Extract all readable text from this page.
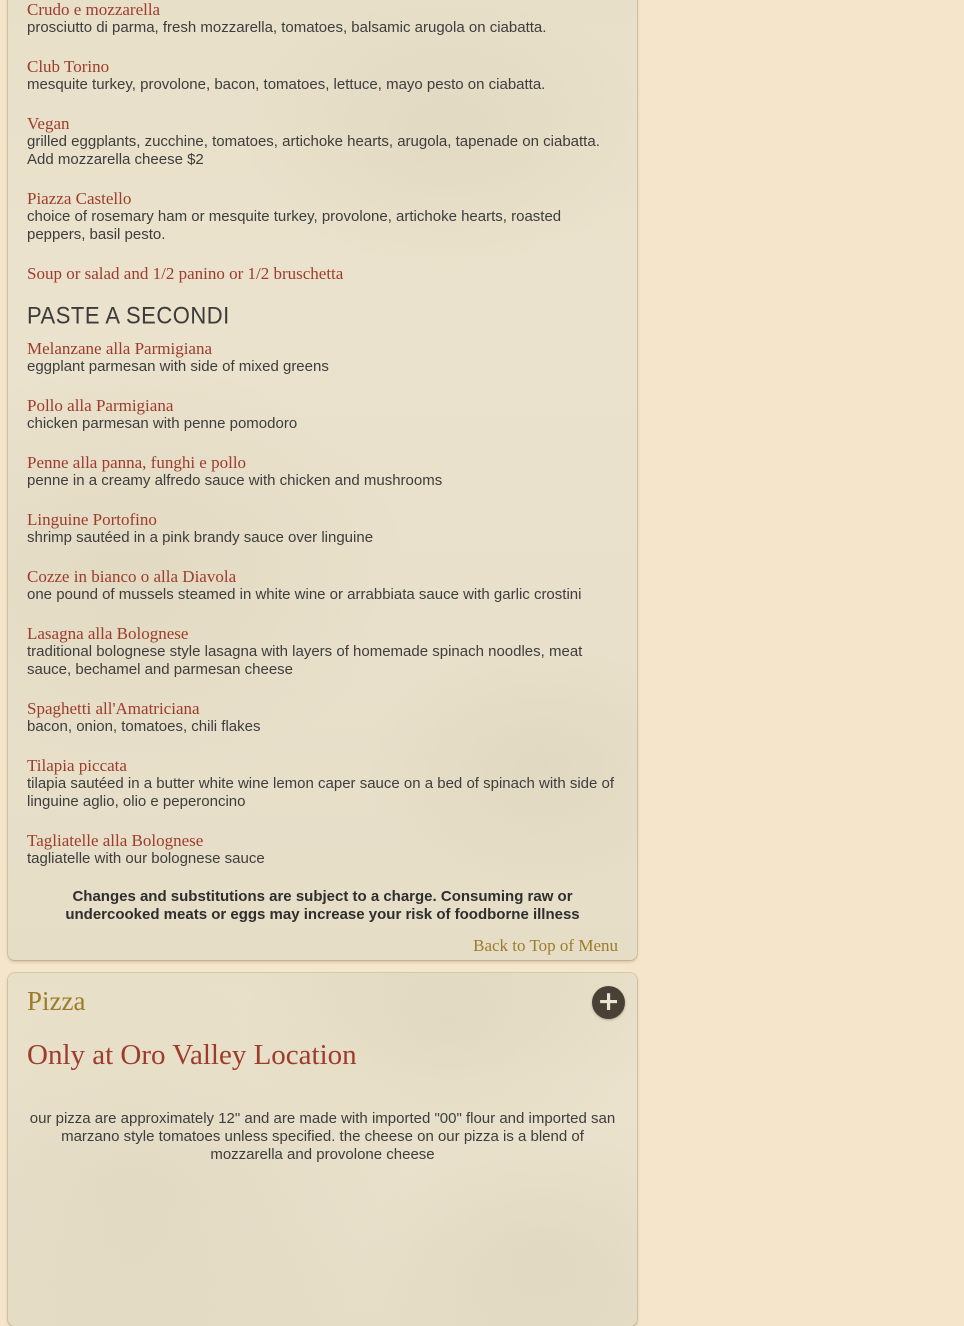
Crudo e mozzarella

prosciutto di parma, fresh mozzarella, tomatoes, balsamic arugola on ciabatta.

Club Torino

mesquite turkey, provolone, bacon, tomatoes, lettuce, mayo pesto on ciabatta.

Vegan

grilled eggplants, zucchine, tomatoes, artichoke hearts, arugola, tapenade on ciabatta. Add mozzarella cheese $2

Piazza Castello

choice of rosemary ham or mesquite turkey, provolone, artichoke hearts, roasted peppers, basil pesto.

Soup or salad and 1/2 panino or 1/2 bruschetta
PASTE A SECONDI
Melanzane alla Parmigiana

eggplant parmesan with side of mixed greens

Pollo alla Parmigiana

chicken parmesan with penne pomodoro

Penne alla panna, funghi e pollo

penne in a creamy alfredo sauce with chicken and mushrooms

Linguine Portofino

shrimp sautéed in a pink brandy sauce over linguine

Cozze in bianco o alla Diavola

one pound of mussels steamed in white wine or arrabbiata sauce with garlic crostini

Lasagna alla Bolognese

traditional bolognese style lasagna with layers of homemade spinach noodles, meat sauce, bechamel and parmesan cheese

Spaghetti all'Amatriciana

bacon, onion, tomatoes, chili flakes

Tilapia piccata

tilapia sautéed in a butter white wine lemon caper sauce on a bed of spinach with side of linguine aglio, olio e peperoncino

Tagliatelle alla Bolognese

tagliatelle with our bolognese sauce

Changes and substitutions are subject to a charge. Consuming raw or undercooked meats or eggs may increase your risk of foodborne illness

Back to Top of Menu
+
Pizza
Only at Oro Valley Location

our pizza are approximately 12" and are made with imported "00" flour and imported san marzano style tomatoes unless specified. the cheese on our pizza is a blend of mozzarella and provolone cheese
